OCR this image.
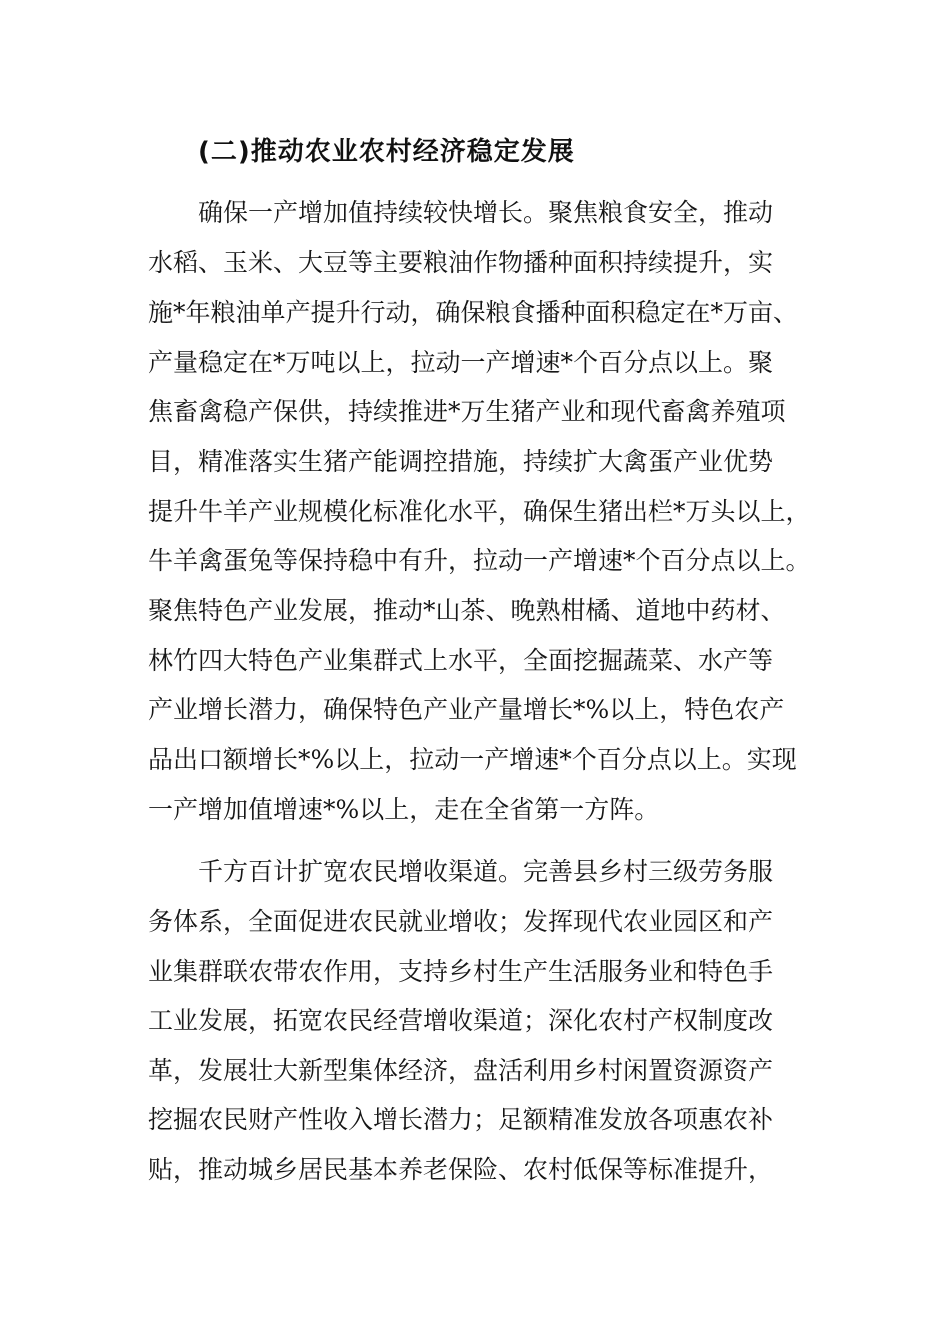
(二)推动农业农村经济稳定发展
确保一产增加值持续较快增长。聚焦粮食安全，推动
水稻、玉米、大豆等主要粮油作物播种面积持续提升，实
施*年粮油单产提升行动，确保粮食播种面积稳定在*万亩、
产量稳定在*万吨以上，拉动一产增速*个百分点以上。聚
焦畜禽稳产保供，持续推进*万生猪产业和现代畜禽养殖项
目，精准落实生猪产能调控措施，持续扩大禽蛋产业优势
提升牛羊产业规模化标准化水平，确保生猪出栏*万头以上，
牛羊禽蛋兔等保持稳中有升，拉动一产增速*个百分点以上。
聚焦特色产业发展，推动*山茶、晚熟柑橘、道地中药材、
林竹四大特色产业集群式上水平，全面挖掘蔬菜、水产等
产业增长潜力，确保特色产业产量增长*%以上，特色农产
品出口额增长*%以上，拉动一产增速*个百分点以上。实现
一产增加值增速*%以上，走在全省第一方阵。
千方百计扩宽农民增收渠道。完善县乡村三级劳务服
务体系，全面促进农民就业增收；发挥现代农业园区和产
业集群联农带农作用，支持乡村生产生活服务业和特色手
工业发展，拓宽农民经营增收渠道；深化农村产权制度改
革，发展壮大新型集体经济，盘活利用乡村闲置资源资产
挖掘农民财产性收入增长潜力；足额精准发放各项惠农补
贴，推动城乡居民基本养老保险、农村低保等标准提升，
